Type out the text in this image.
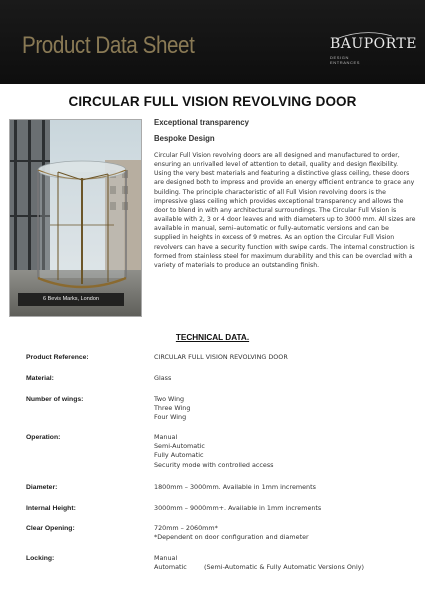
Product Data Sheet	BAUPORTE
DESIGN
ENTRANCES
CIRCULAR FULL VISION REVOLVING DOOR
6 Bevis Marks, London
Exceptional transparency
Bespoke Design

Circular Full Vision revolving doors are all designed and manufactured to order, ensuring an unrivalled level of attention to detail, quality and design flexibility. Using the very best materials and featuring a distinctive glass ceiling, these doors are designed both to impress and provide an energy efficient entrance to grace any building. The principle characteristic of all Full Vision revolving doors is the impressive glass ceiling which provides exceptional transparency and allows the door to blend in with any architectural surroundings. The Circular Full Vision is available with 2, 3 or 4 door leaves and with diameters up to 3000 mm. All sizes are available in manual, semi–automatic or fully-automatic versions and can be supplied in heights in excess of 9 metres. As an option the Circular Full Vision revolvers can have a security function with swipe cards. The internal construction is formed from stainless steel for maximum durability and this can be overclad with a variety of materials to produce an outstanding finish.

TECHNICAL DATA.
Product Reference:	CIRCULAR FULL VISION REVOLVING DOOR
Material:	Glass
Number of wings:	Two Wing
Three Wing
Four Wing
Operation:	Manual
Semi-Automatic
Fully Automatic
Security mode with controlled access
Diameter:	1800mm – 3000mm. Available in 1mm increments
Internal Height:	3000mm – 9000mm+. Available in 1mm increments
Clear Opening:	720mm – 2060mm*
*Dependent on door configuration and diameter
Locking:	Manual
Automatic	(Semi-Automatic & Fully Automatic Versions Only)
